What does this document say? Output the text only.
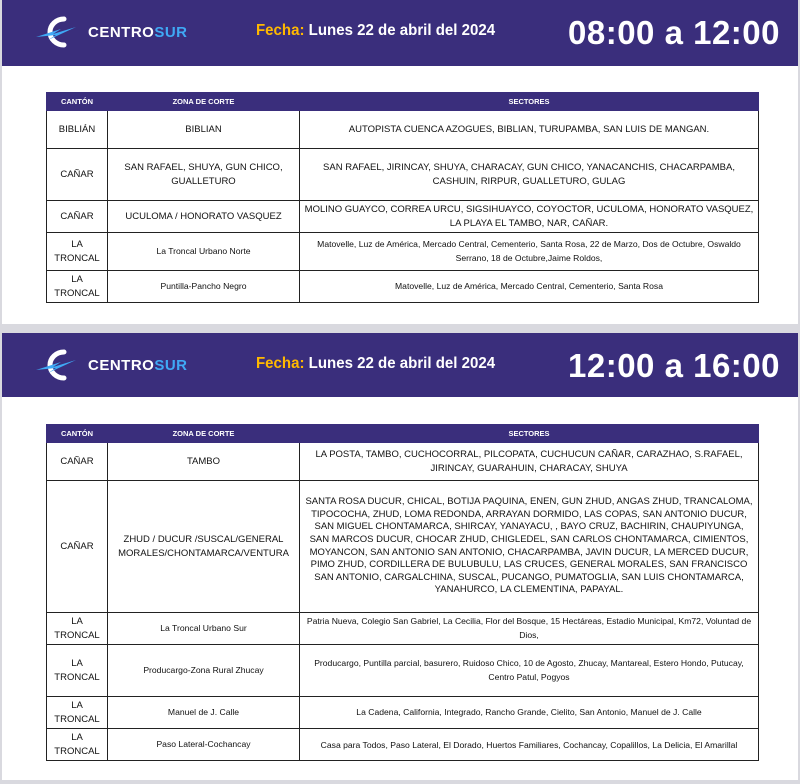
CENTROSUR	Fecha: Lunes 22 de abril del 2024 08:00 a 12:00
CANTÓN	ZONA DE CORTE	SECTORES
BIBLIÁN	BIBLIAN	AUTOPISTA CUENCA AZOGUES, BIBLIAN, TURUPAMBA, SAN LUIS DE MANGAN.
CAÑAR	SAN RAFAEL, SHUYA, GUN CHICO, GUALLETURO	SAN RAFAEL, JIRINCAY, SHUYA, CHARACAY, GUN CHICO, YANACANCHIS, CHACARPAMBA, CASHUIN, RIRPUR, GUALLETURO, GULAG
CAÑAR	UCULOMA / HONORATO VASQUEZ	MOLINO GUAYCO, CORREA URCU, SIGSIHUAYCO, COYOCTOR, UCULOMA, HONORATO VASQUEZ, LA PLAYA EL TAMBO, NAR, CAÑAR.
LA TRONCAL	La Troncal Urbano Norte	Matovelle, Luz de América, Mercado Central, Cementerio, Santa Rosa, 22 de Marzo, Dos de Octubre, Oswaldo Serrano, 18 de Octubre,Jaime Roldos,
LA TRONCAL	Puntilla-Pancho Negro	Matovelle, Luz de América, Mercado Central, Cementerio, Santa Rosa
CENTROSUR	Fecha: Lunes 22 de abril del 2024 12:00 a 16:00
CANTÓN	ZONA DE CORTE	SECTORES
CAÑAR	TAMBO	LA POSTA, TAMBO, CUCHOCORRAL, PILCOPATA, CUCHUCUN CAÑAR, CARAZHAO, S.RAFAEL, JIRINCAY, GUARAHUIN, CHARACAY, SHUYA
CAÑAR	ZHUD / DUCUR /SUSCAL/GENERAL MORALES/CHONTAMARCA/VENTURA	SANTA ROSA DUCUR, CHICAL, BOTIJA PAQUINA, ENEN, GUN ZHUD, ANGAS ZHUD, TRANCALOMA, TIPOCOCHA, ZHUD, LOMA REDONDA, ARRAYAN DORMIDO, LAS COPAS, SAN ANTONIO DUCUR, SAN MIGUEL CHONTAMARCA, SHIRCAY, YANAYACU, , BAYO CRUZ, BACHIRIN, CHAUPIYUNGA, SAN MARCOS DUCUR, CHOCAR ZHUD, CHIGLEDEL, SAN CARLOS CHONTAMARCA, CIMIENTOS, MOYANCON, SAN ANTONIO SAN ANTONIO, CHACARPAMBA, JAVIN DUCUR, LA MERCED DUCUR, PIMO ZHUD, CORDILLERA DE BULUBULU, LAS CRUCES, GENERAL MORALES, SAN FRANCISCO SAN ANTONIO, CARGALCHINA, SUSCAL, PUCANGO, PUMATOGLIA, SAN LUIS CHONTAMARCA, YANAHURCO, LA CLEMENTINA, PAPAYAL.
LA TRONCAL	La Troncal Urbano Sur	Patria Nueva, Colegio San Gabriel, La Cecilia, Flor del Bosque, 15 Hectáreas, Estadio Municipal, Km72, Voluntad de Dios,
LA TRONCAL	Producargo-Zona Rural Zhucay	Producargo, Puntilla parcial, basurero, Ruidoso Chico, 10 de Agosto, Zhucay, Mantareal, Estero Hondo, Putucay, Centro Patul, Pogyos
LA TRONCAL	Manuel de J. Calle	La Cadena, California, Integrado, Rancho Grande, Cielito, San Antonio, Manuel de J. Calle
LA TRONCAL	Paso Lateral-Cochancay	Casa para Todos, Paso Lateral, El Dorado, Huertos Familiares, Cochancay, Copalillos, La Delicia, El Amarillal
